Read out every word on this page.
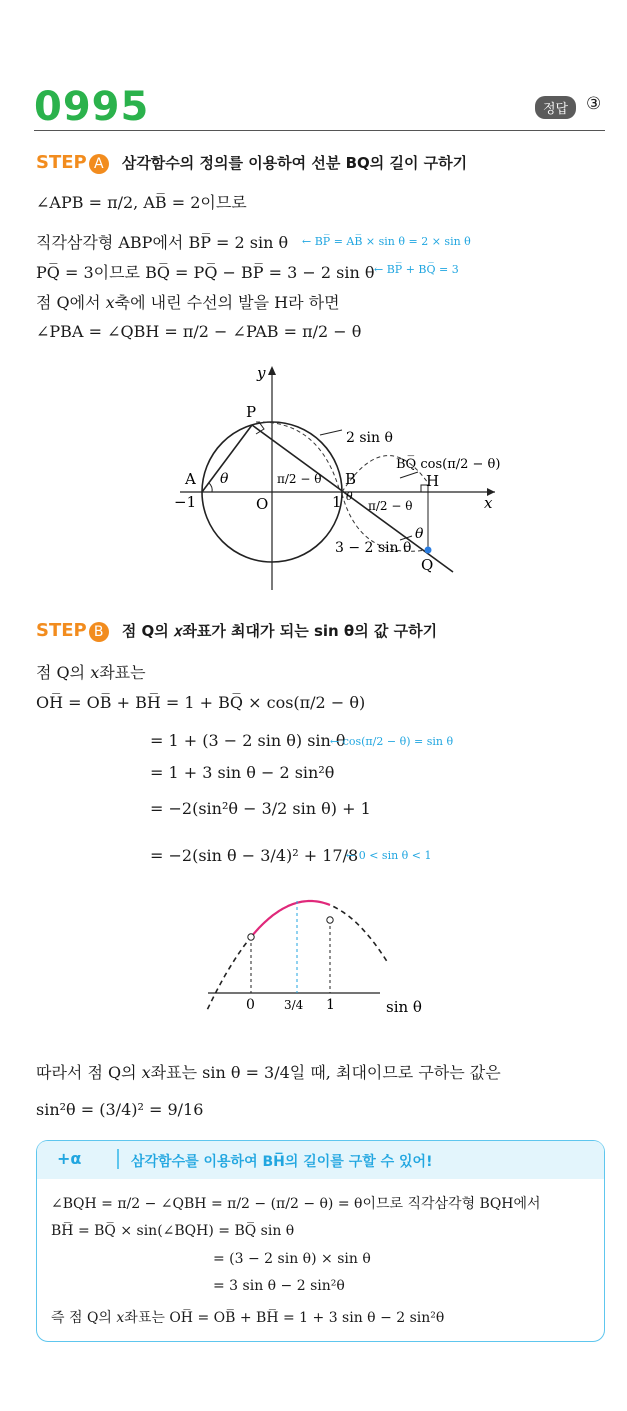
0995	정답	③
STEP A 삼각함수의 정의를 이용하여 선분 BQ의 길이 구하기
∠APB = π/2, AB̅ = 2이므로
직각삼각형 ABP에서 BP̅ = 2 sin θ ← BP̅ = AB̅ × sin θ = 2 × sin θ
PQ̅ = 3이므로 BQ̅ = PQ̅ − BP̅ = 3 − 2 sin θ ← BP̅ + BQ̅ = 3
점 Q에서 𝑥축에 내린 수선의 발을 H라 하면
∠PBA = ∠QBH = π/2 − ∠PAB = π/2 − θ
y
x
P
A
−1	O	1
B	H
Q
θ
θ
θ
π/2 − θ
π/2 − θ
2 sin θ
3 − 2 sin θ
BQ̅ cos(π/2 − θ)
STEP B 점 Q의 𝑥좌표가 최대가 되는 sin θ의 값 구하기
점 Q의 𝑥좌표는
OH̅ = OB̅ + BH̅ = 1 + BQ̅ × cos(π/2 − θ)
= 1 + (3 − 2 sin θ) sin θ
← cos(π/2 − θ) = sin θ
= 1 + 3 sin θ − 2 sin²θ
= −2(sin²θ − 3/2 sin θ) + 1
= −2(sin θ − 3/4)² + 17/8
← 0 < sin θ < 1
0 3/4 1	sin θ
따라서 점 Q의 𝑥좌표는 sin θ = 3/4일 때, 최대이므로 구하는 값은
sin²θ = (3/4)² = 9/16
+α	삼각함수를 이용하여 BH̅의 길이를 구할 수 있어!
∠BQH = π/2 − ∠QBH = π/2 − (π/2 − θ) = θ이므로 직각삼각형 BQH에서
BH̅ = BQ̅ × sin(∠BQH) = BQ̅ sin θ
= (3 − 2 sin θ) × sin θ
= 3 sin θ − 2 sin²θ
즉 점 Q의 𝑥좌표는 OH̅ = OB̅ + BH̅ = 1 + 3 sin θ − 2 sin²θ
